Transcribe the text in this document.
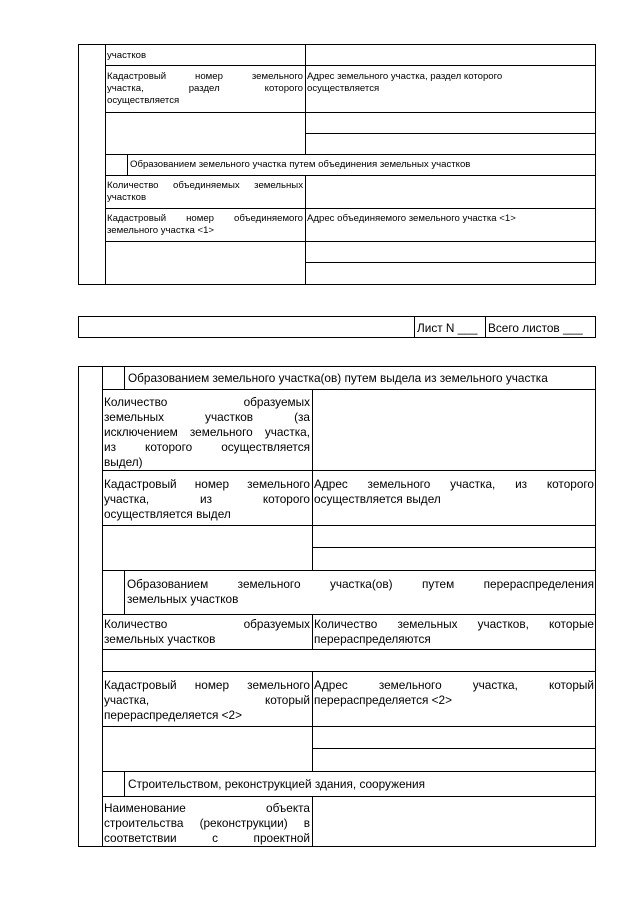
участков
Кадастровый номер земельного
участка, раздел которого
осуществляется
Адрес земельного участка, раздел которого осуществляется
Образованием земельного участка путем объединения земельных участков
Количество объединяемых земельных
участков
Кадастровый номер объединяемого
земельного участка <1>
Адрес объединяемого земельного участка <1>
Лист N ___ Всего листов ___
Образованием земельного участка(ов) путем выдела из земельного участка
Количество образуемых
земельных участков (за
исключением земельного участка,
из которого осуществляется
выдел)
Кадастровый номер земельного
участка, из которого
осуществляется выдел
Адрес земельного участка, из которого
осуществляется выдел
Образованием земельного участка(ов) путем перераспределения
земельных участков
Количество образуемых
земельных участков
Количество земельных участков, которые
перераспределяются
Кадастровый номер земельного
участка, который
перераспределяется <2>
Адрес земельного участка, который
перераспределяется <2>
Строительством, реконструкцией здания, сооружения
Наименование объекта
строительства (реконструкции) в
соответствии с проектной
